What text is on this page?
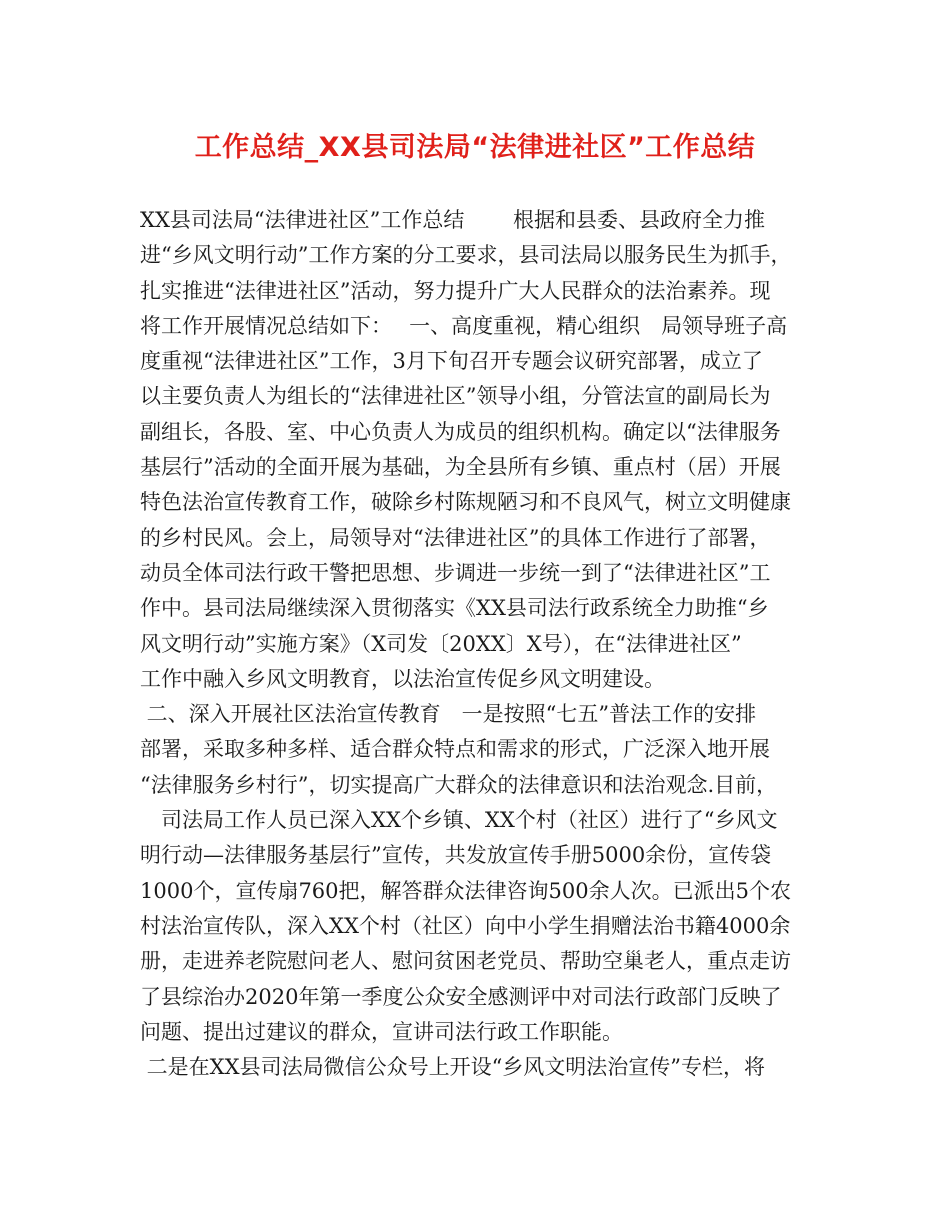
工作总结_XX县司法局“法律进社区”工作总结
XX县司法局“法律进社区”工作总结　　 根据和县委、县政府全力推
进“乡风文明行动”工作方案的分工要求，县司法局以服务民生为抓手，
扎实推进“法律进社区”活动，努力提升广大人民群众的法治素养。现
将工作开展情况总结如下：　 一、高度重视，精心组织　局领导班子高
度重视“法律进社区”工作，3月下旬召开专题会议研究部署，成立了
以主要负责人为组长的“法律进社区”领导小组，分管法宣的副局长为
副组长，各股、室、中心负责人为成员的组织机构。确定以“法律服务
基层行”活动的全面开展为基础，为全县所有乡镇、重点村（居）开展
特色法治宣传教育工作，破除乡村陈规陋习和不良风气，树立文明健康
的乡村民风。会上，局领导对“法律进社区”的具体工作进行了部署，
动员全体司法行政干警把思想、步调进一步统一到了“法律进社区”工
作中。县司法局继续深入贯彻落实《XX县司法行政系统全力助推“乡
风文明行动”实施方案》（X司发〔20XX〕X号），在“法律进社区”
工作中融入乡风文明教育，以法治宣传促乡风文明建设。
二、深入开展社区法治宣传教育　一是按照“七五”普法工作的安排
部署，采取多种多样、适合群众特点和需求的形式，广泛深入地开展
“法律服务乡村行”，切实提高广大群众的法律意识和法治观念.目前，
　司法局工作人员已深入XX个乡镇、XX个村（社区）进行了“乡风文
明行动—法律服务基层行”宣传，共发放宣传手册5000余份，宣传袋
1000个，宣传扇760把，解答群众法律咨询500余人次。已派出5个农
村法治宣传队，深入XX个村（社区）向中小学生捐赠法治书籍4000余
册，走进养老院慰问老人、慰问贫困老党员、帮助空巢老人，重点走访
了县综治办2020年第一季度公众安全感测评中对司法行政部门反映了
问题、提出过建议的群众，宣讲司法行政工作职能。
二是在XX县司法局微信公众号上开设“乡风文明法治宣传”专栏，将
